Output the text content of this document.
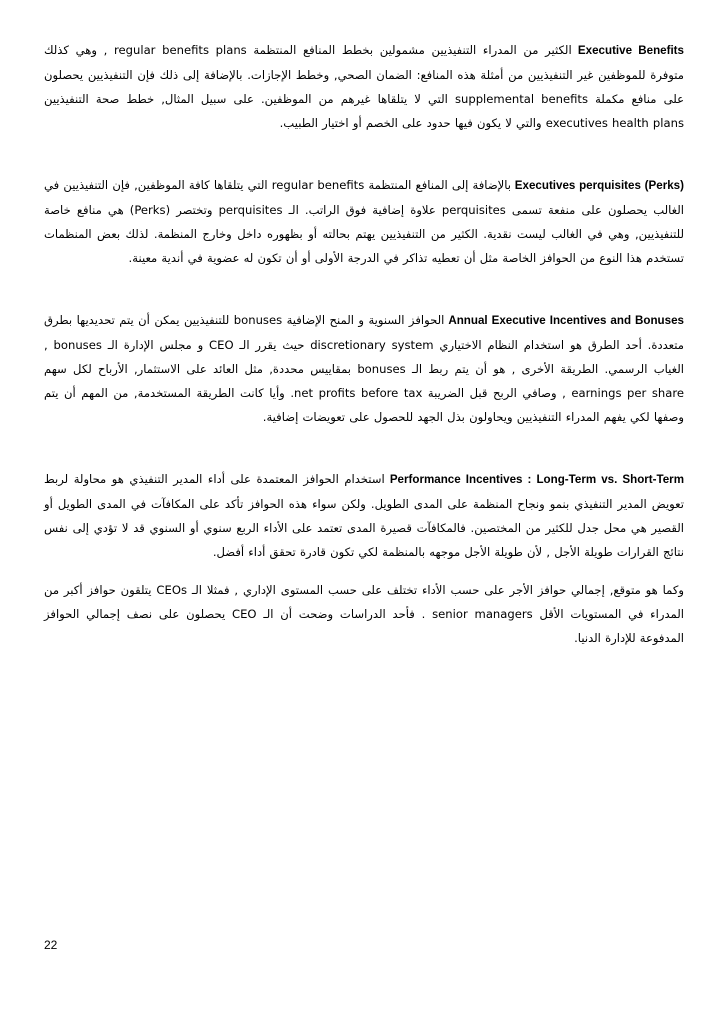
Executive Benefits الكثير من المدراء التنفيذيين مشمولين بخطط المنافع المنتظمة regular benefits plans , وهي كذلك متوفرة للموظفين غير التنفيذيين من أمثلة هذه المنافع: الضمان الصحي, وخطط الإجازات. بالإضافة إلى ذلك فإن التنفيذيين يحصلون على منافع مكملة supplemental benefits التي لا يتلقاها غيرهم من الموظفين. على سبيل المثال, خطط صحة التنفيذيين executives health plans والتي لا يكون فيها حدود على الخصم أو اختيار الطبيب.

(Executives perquisites (Perks بالإضافة إلى المنافع المنتظمة regular benefits التي يتلقاها كافة الموظفين, فإن التنفيذيين في الغالب يحصلون على منفعة تسمى perquisites علاوة إضافية فوق الراتب. الـ perquisites وتختصر (Perks) هي منافع خاصة للتنفيذيين, وهي في الغالب ليست نقدية. الكثير من التنفيذيين يهتم بحالته أو بظهوره داخل وخارج المنظمة. لذلك بعض المنظمات تستخدم هذا النوع من الحوافز الخاصة مثل أن تعطيه تذاكر في الدرجة الأولى أو أن تكون له عضوية في أندية معينة.

Annual Executive Incentives and Bonuses الحوافز السنوية و المنح الإضافية bonuses للتنفيذيين يمكن أن يتم تحديديها بطرق متعددة. أحد الطرق هو استخدام النظام الاختياري discretionary system حيث يقرر الـ CEO و مجلس الإدارة الـ bonuses , الغياب الرسمي. الطريقة الأخرى , هو أن يتم ربط الـ bonuses بمقاييس محددة, مثل العائد على الاستثمار, الأرباح لكل سهم earnings per share , وصافي الربح قبل الضريبة net profits before tax. وأيا كانت الطريقة المستخدمة, من المهم أن يتم وصفها لكي يفهم المدراء التنفيذيين ويحاولون بذل الجهد للحصول على تعويضات إضافية.

Performance Incentives : Long-Term vs. Short-Term استخدام الحوافز المعتمدة على أداء المدير التنفيذي هو محاولة لربط تعويض المدير التنفيذي بنمو ونجاح المنظمة على المدى الطويل. ولكن سواء هذه الحوافز تأكد على المكافآت في المدى الطويل أو القصير هي محل جدل للكثير من المختصين. فالمكافآت قصيرة المدى تعتمد على الأداء الربع سنوي أو السنوي قد لا تؤدي إلى نفس نتائج القرارات طويلة الأجل , لأن طويلة الأجل موجهه بالمنظمة لكي تكون قادرة تحقق أداء أفضل.

وكما هو متوقع, إجمالي حوافز الأجر على حسب الأداء تختلف على حسب المستوى الإداري , فمثلا الـ CEOs يتلقون حوافز أكبر من المدراء في المستويات الأقل senior managers . فأحد الدراسات وضحت أن الـ CEO يحصلون على نصف إجمالي الحوافز المدفوعة للإدارة الدنيا.

22
